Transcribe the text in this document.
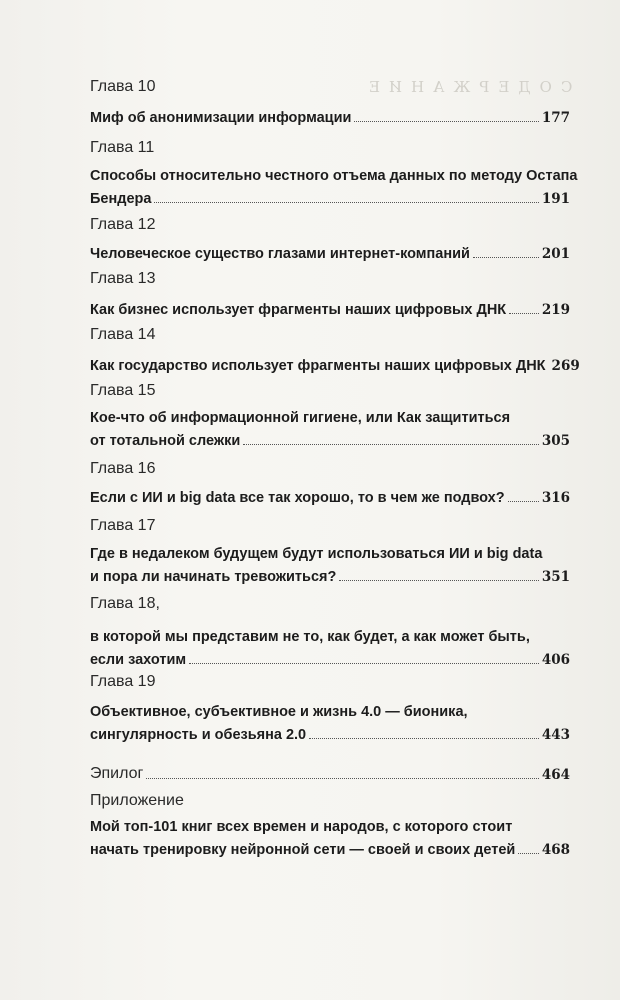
СОДЕРЖАНИЕ
Глава 10
Миф об анонимизации информации	177
Глава 11
Способы относительно честного отъема данных по методу Остапа
Бендера	191
Глава 12
Человеческое существо глазами интернет-компаний	201
Глава 13
Как бизнес использует фрагменты наших цифровых ДНК	219
Глава 14
Как государство использует фрагменты наших цифровых ДНК 269
Глава 15
Кое-что об информационной гигиене, или Как защититься
от тотальной слежки	305
Глава 16
Если с ИИ и big data все так хорошо, то в чем же подвох?	316
Глава 17
Где в недалеком будущем будут использоваться ИИ и big data
и пора ли начинать тревожиться?	351
Глава 18,
в которой мы представим не то, как будет, а как может быть,
если захотим	406
Глава 19
Объективное, субъективное и жизнь 4.0 — бионика,
сингулярность и обезьяна 2.0	443
Эпилог	464
Приложение
Мой топ-101 книг всех времен и народов, с которого стоит
начать тренировку нейронной сети — своей и своих детей 468
